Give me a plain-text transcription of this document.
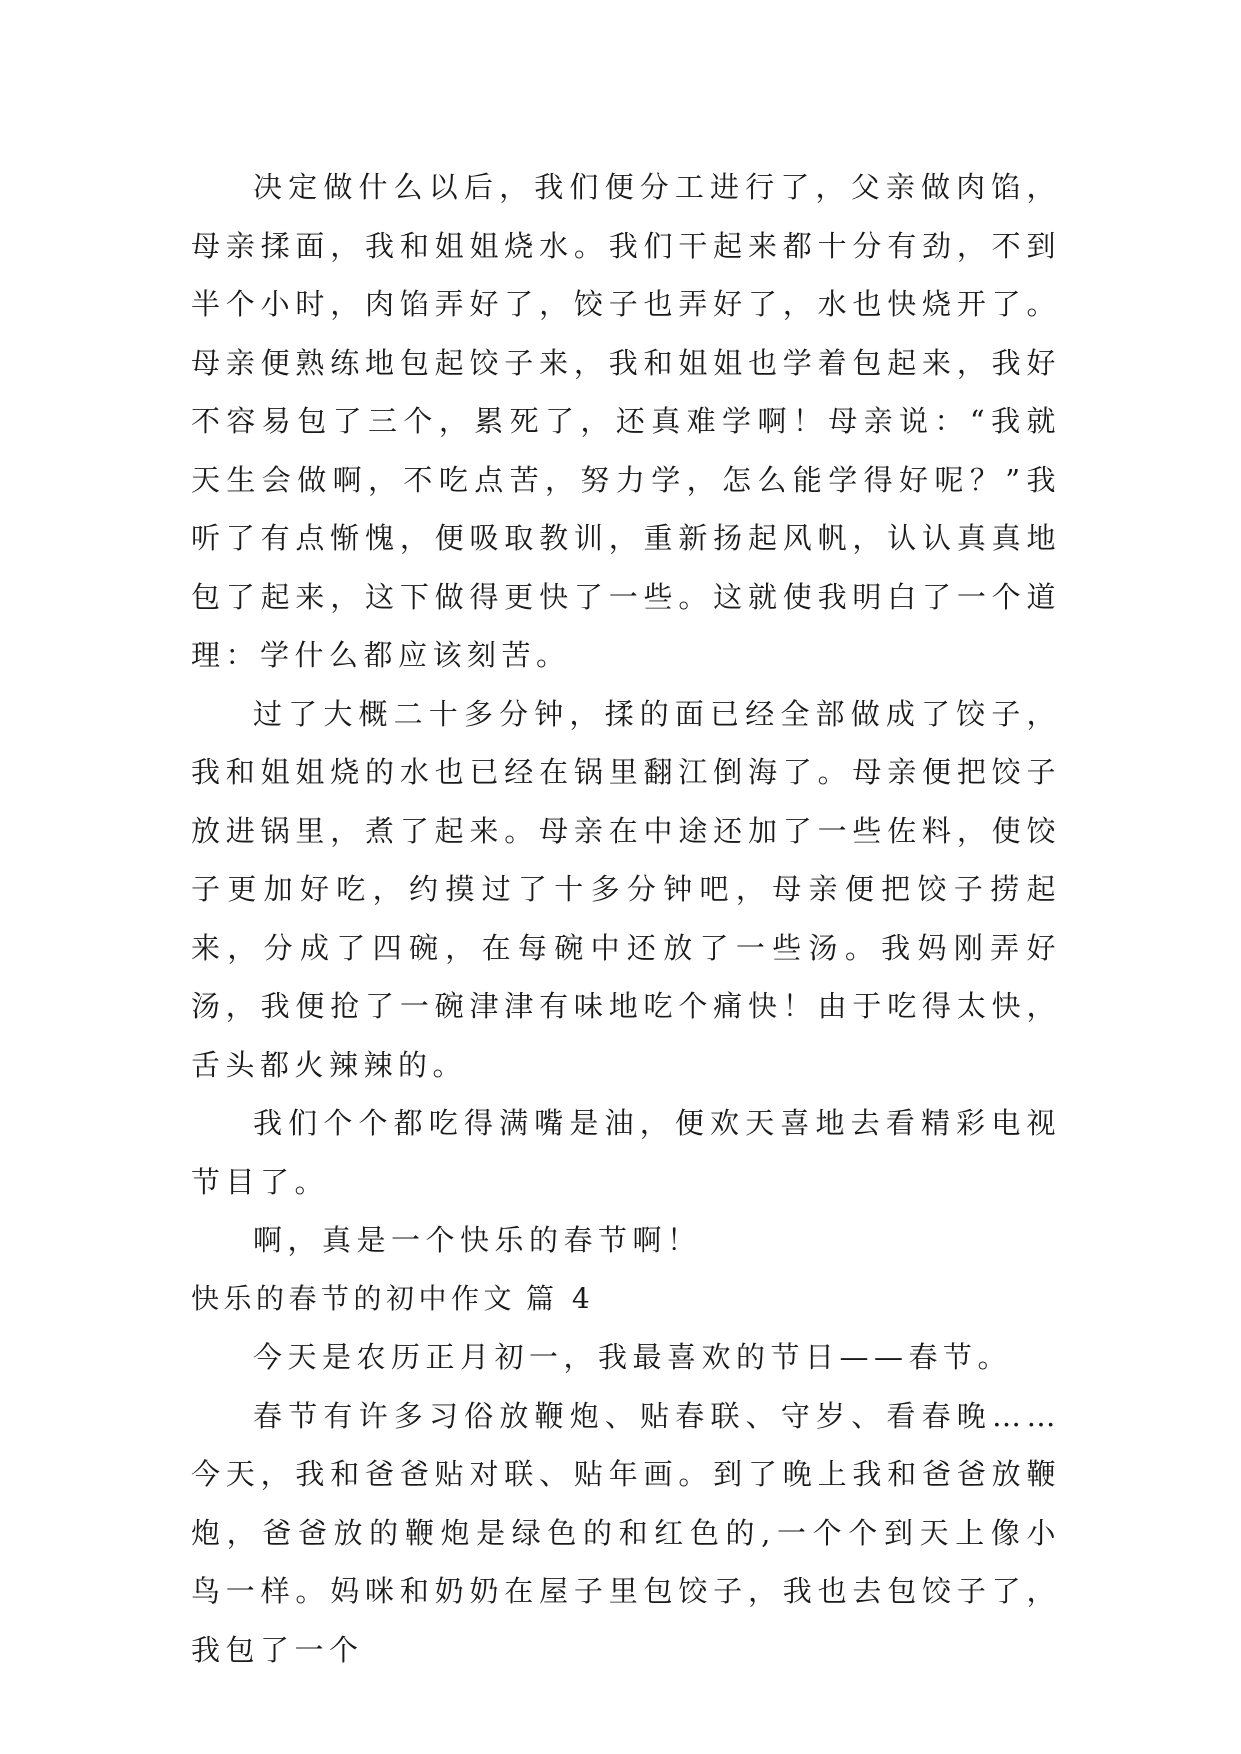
决定做什么以后，我们便分工进行了，父亲做肉馅，母亲揉面，我和姐姐烧水。我们干起来都十分有劲，不到半个小时，肉馅弄好了，饺子也弄好了，水也快烧开了。母亲便熟练地包起饺子来，我和姐姐也学着包起来，我好不容易包了三个，累死了，还真难学啊！母亲说：“我就天生会做啊，不吃点苦，努力学，怎么能学得好呢？”我听了有点惭愧，便吸取教训，重新扬起风帆，认认真真地包了起来，这下做得更快了一些。这就使我明白了一个道理：学什么都应该刻苦。

过了大概二十多分钟，揉的面已经全部做成了饺子，我和姐姐烧的水也已经在锅里翻江倒海了。母亲便把饺子放进锅里，煮了起来。母亲在中途还加了一些佐料，使饺子更加好吃，约摸过了十多分钟吧，母亲便把饺子捞起来，分成了四碗，在每碗中还放了一些汤。我妈刚弄好汤，我便抢了一碗津津有味地吃个痛快！由于吃得太快，舌头都火辣辣的。

我们个个都吃得满嘴是油，便欢天喜地去看精彩电视节目了。

啊，真是一个快乐的春节啊！

快乐的春节的初中作文 篇 4

今天是农历正月初一，我最喜欢的节日——春节。

春节有许多习俗放鞭炮、贴春联、守岁、看春晚……今天，我和爸爸贴对联、贴年画。到了晚上我和爸爸放鞭炮，爸爸放的鞭炮是绿色的和红色的,一个个到天上像小鸟一样。妈咪和奶奶在屋子里包饺子，我也去包饺子了，我包了一个
